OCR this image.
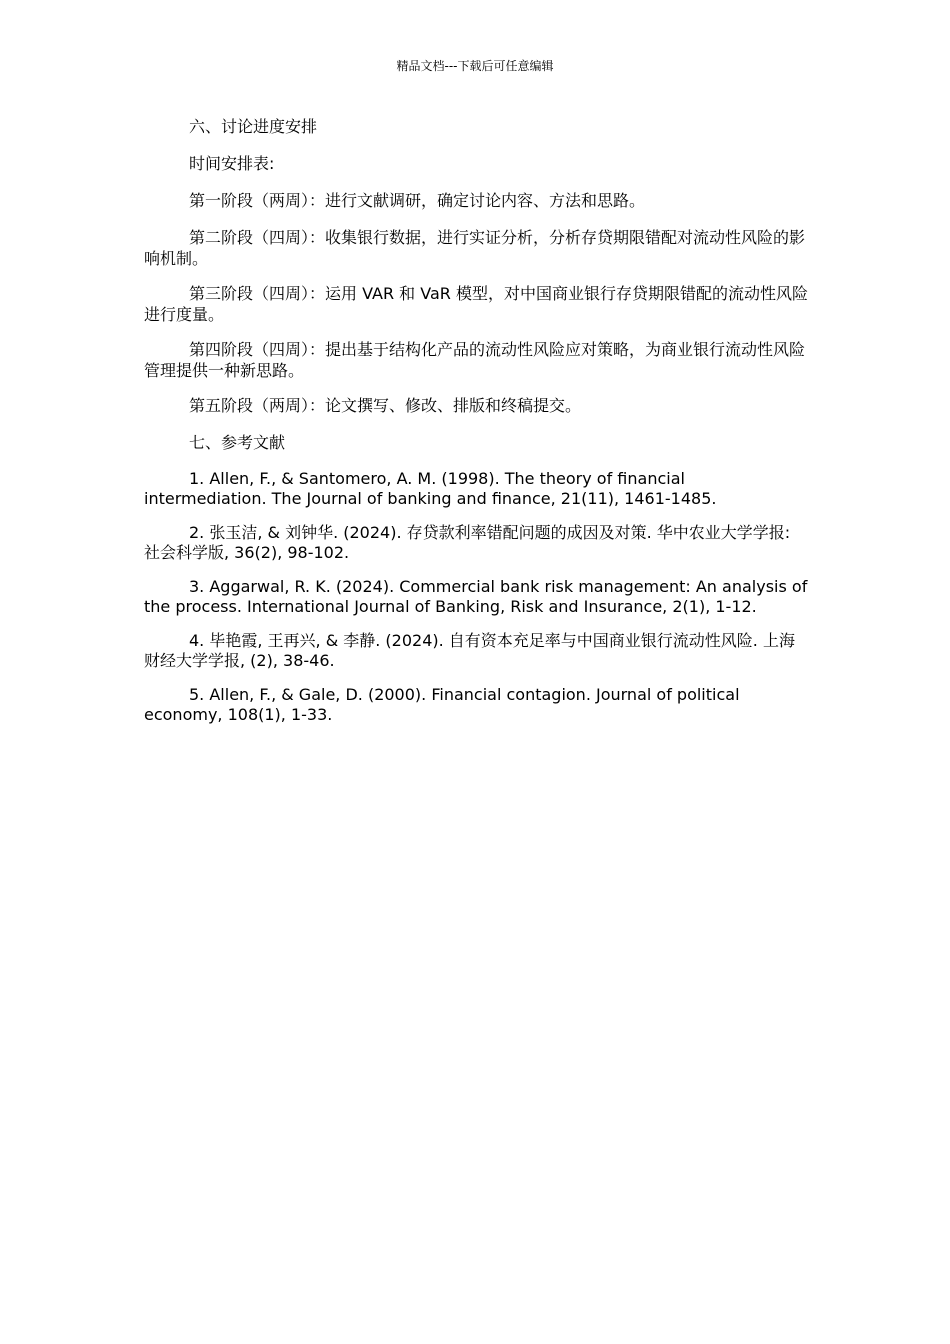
精品文档---下载后可任意编辑

六、讨论进度安排

时间安排表:

第一阶段（两周）：进行文献调研，确定讨论内容、方法和思路。

第二阶段（四周）：收集银行数据，进行实证分析，分析存贷期限错配对流动性风险的影响机制。

第三阶段（四周）：运用 VAR 和 VaR 模型，对中国商业银行存贷期限错配的流动性风险进行度量。

第四阶段（四周）：提出基于结构化产品的流动性风险应对策略，为商业银行流动性风险管理提供一种新思路。

第五阶段（两周）：论文撰写、修改、排版和终稿提交。

七、参考文献

1. Allen, F., & Santomero, A. M. (1998). The theory of financial intermediation. The Journal of banking and finance, 21(11), 1461-1485.

2. 张玉洁, & 刘钟华. (2024). 存贷款利率错配问题的成因及对策. 华中农业大学学报: 社会科学版, 36(2), 98-102.

3. Aggarwal, R. K. (2024). Commercial bank risk management: An analysis of the process. International Journal of Banking, Risk and Insurance, 2(1), 1-12.

4. 毕艳霞, 王再兴, & 李静. (2024). 自有资本充足率与中国商业银行流动性风险. 上海财经大学学报, (2), 38-46.

5. Allen, F., & Gale, D. (2000). Financial contagion. Journal of political economy, 108(1), 1-33.
